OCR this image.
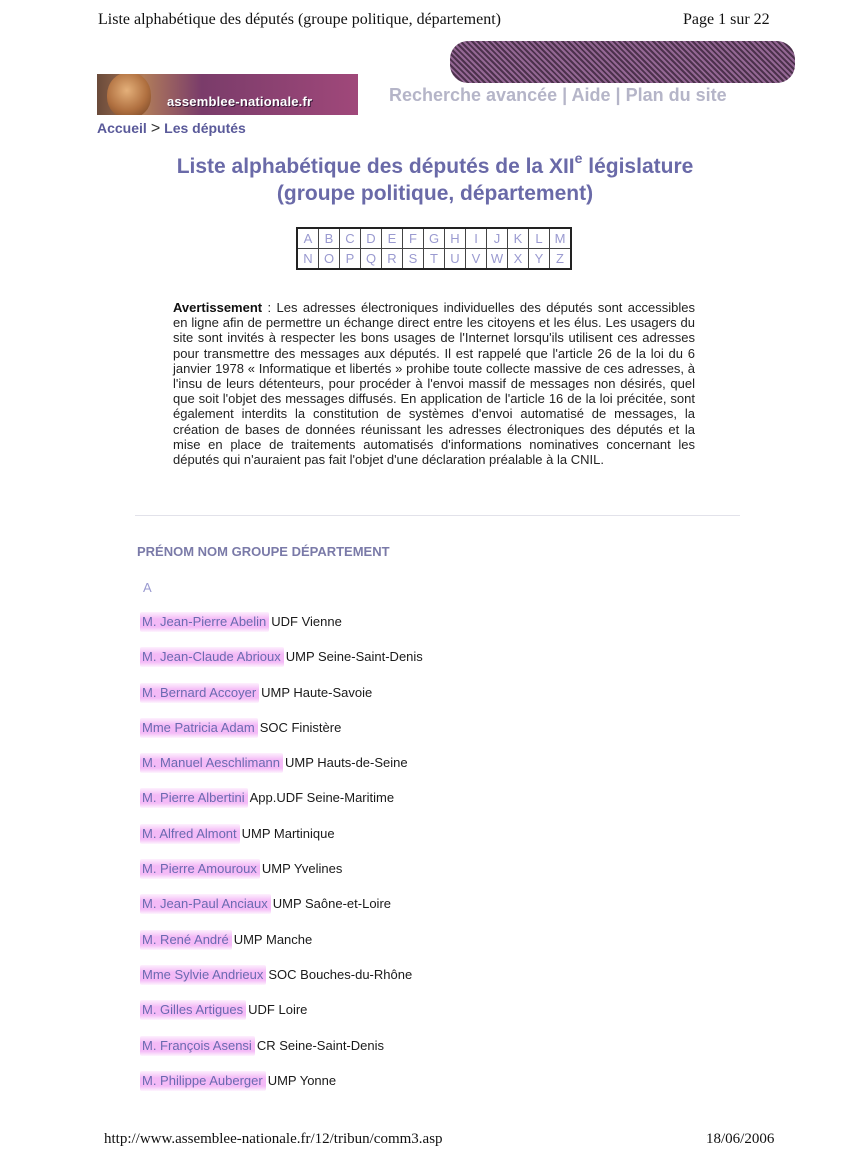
Liste alphabétique des députés (groupe politique, département)	Page 1 sur 22
assemblee-nationale.fr	Recherche avancée | Aide | Plan du site
Accueil > Les députés
Liste alphabétique des députés de la XIIe législature
(groupe politique, département)
A	B	C	D	E	F	G	H	I	J	K	L	M
N	O	P	Q	R	S	T	U	V	W	X	Y	Z
Avertissement : Les adresses électroniques individuelles des députés sont accessibles en ligne afin de permettre un échange direct entre les citoyens et les élus. Les usagers du site sont invités à respecter les bons usages de l'Internet lorsqu'ils utilisent ces adresses pour transmettre des messages aux députés. Il est rappelé que l'article 26 de la loi du 6 janvier 1978 « Informatique et libertés » prohibe toute collecte massive de ces adresses, à l'insu de leurs détenteurs, pour procéder à l'envoi massif de messages non désirés, quel que soit l'objet des messages diffusés. En application de l'article 16 de la loi précitée, sont également interdits la constitution de systèmes d'envoi automatisé de messages, la création de bases de données réunissant les adresses électroniques des députés et la mise en place de traitements automatisés d'informations nominatives concernant les députés qui n'auraient pas fait l'objet d'une déclaration préalable à la CNIL.
PRÉNOM NOM GROUPE DÉPARTEMENT
A
M. Jean-Pierre Abelin UDF Vienne
M. Jean-Claude Abrioux UMP Seine-Saint-Denis
M. Bernard Accoyer UMP Haute-Savoie
Mme Patricia Adam SOC Finistère
M. Manuel Aeschlimann UMP Hauts-de-Seine
M. Pierre Albertini App.UDF Seine-Maritime
M. Alfred Almont UMP Martinique
M. Pierre Amouroux UMP Yvelines
M. Jean-Paul Anciaux UMP Saône-et-Loire
M. René André UMP Manche
Mme Sylvie Andrieux SOC Bouches-du-Rhône
M. Gilles Artigues UDF Loire
M. François Asensi CR Seine-Saint-Denis
M. Philippe Auberger UMP Yonne
http://www.assemblee-nationale.fr/12/tribun/comm3.asp	18/06/2006
